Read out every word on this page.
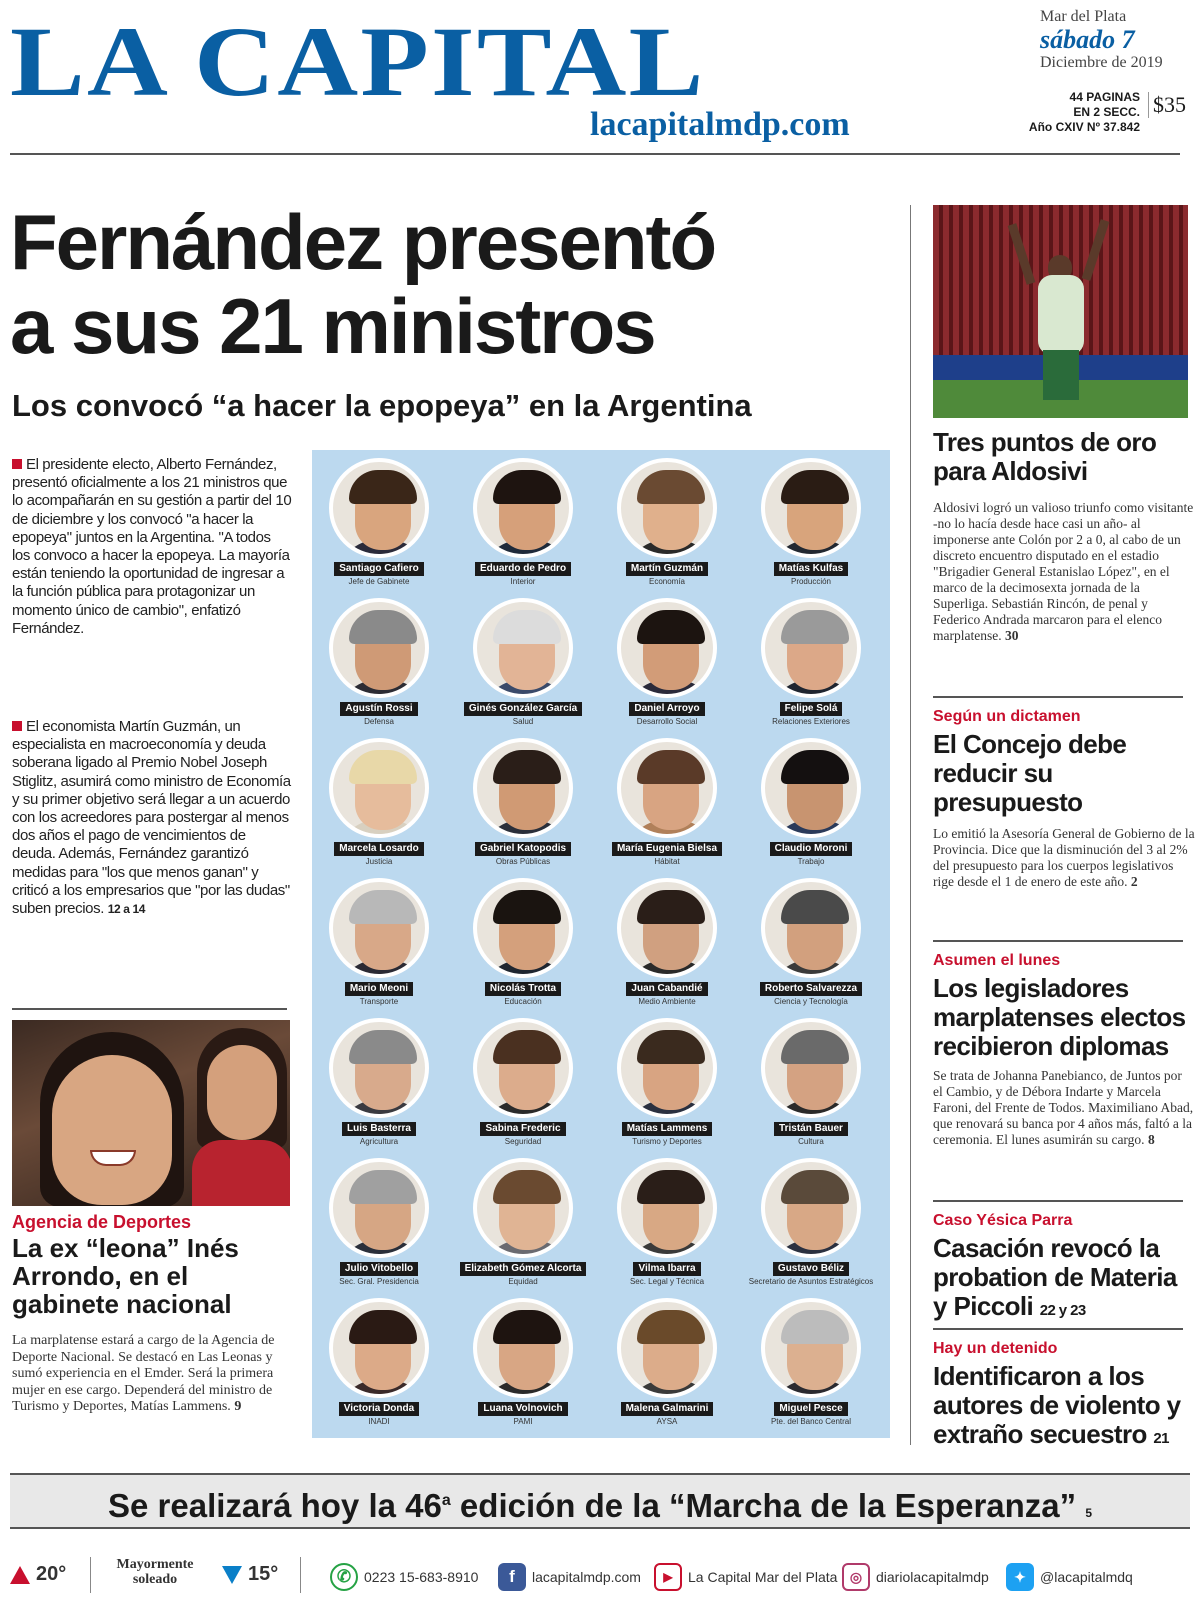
LA CAPITAL
lacapitalmdp.com
Mar del Plata
sábado 7
Diciembre de 2019
44 PAGINAS
EN 2 SECC.
Año CXIV Nº 37.842
$35
Fernández presentó
a sus 21 ministros
Los convocó “a hacer la epopeya” en la Argentina
El presidente electo, Alberto Fernández, presentó oficialmente a los 21 ministros que lo acompañarán en su gestión a partir del 10 de diciembre y los convocó "a hacer la epopeya" juntos en la Argentina. "A todos los convoco a hacer la epopeya. La mayoría están teniendo la oportunidad de ingresar a la función pública para protagonizar un momento único de cambio", enfatizó Fernández.
El economista Martín Guzmán, un especialista en macroeconomía y deuda soberana ligado al Premio Nobel Joseph Stiglitz, asumirá como ministro de Economía y su primer objetivo será llegar a un acuerdo con los acreedores para postergar al menos dos años el pago de vencimientos de deuda. Además, Fernández garantizó medidas para "los que menos ganan" y criticó a los empresarios que "por las dudas" suben precios. 12 a 14
Agencia de Deportes
La ex “leona” Inés Arrondo, en el gabinete nacional
La marplatense estará a cargo de la Agencia de Deporte Nacional. Se destacó en Las Leonas y sumó experiencia en el Emder. Será la primera mujer en ese cargo. Dependerá del ministro de Turismo y Deportes, Matías Lammens. 9
Santiago Cafiero
Jefe de Gabinete
Eduardo de Pedro
Interior
Martín Guzmán
Economía
Matías Kulfas
Producción
Agustín Rossi
Defensa
Ginés González García
Salud
Daniel Arroyo
Desarrollo Social
Felipe Solá
Relaciones Exteriores
Marcela Losardo
Justicia
Gabriel Katopodis
Obras Públicas
María Eugenia Bielsa
Hábitat
Claudio Moroni
Trabajo
Mario Meoni
Transporte
Nicolás Trotta
Educación
Juan Cabandié
Medio Ambiente
Roberto Salvarezza
Ciencia y Tecnología
Luis Basterra
Agricultura
Sabina Frederic
Seguridad
Matías Lammens
Turismo y Deportes
Tristán Bauer
Cultura
Julio Vitobello
Sec. Gral. Presidencia
Elizabeth Gómez Alcorta
Equidad
Vilma Ibarra
Sec. Legal y Técnica
Gustavo Béliz
Secretario de Asuntos Estratégicos
Victoria Donda
INADI
Luana Volnovich
PAMI
Malena Galmarini
AYSA
Miguel Pesce
Pte. del Banco Central
Tres puntos de oro para Aldosivi
Aldosivi logró un valioso triunfo como visitante -no lo hacía desde hace casi un año- al imponerse ante Colón por 2 a 0, al cabo de un discreto encuentro disputado en el estadio "Brigadier General Estanislao López", en el marco de la decimosexta jornada de la Superliga. Sebastián Rincón, de penal y Federico Andrada marcaron para el elenco marplatense. 30
Según un dictamen
El Concejo debe reducir su presupuesto
Lo emitió la Asesoría General de Gobierno de la Provincia. Dice que la disminución del 3 al 2% del presupuesto para los cuerpos legislativos rige desde el 1 de enero de este año. 2
Asumen el lunes
Los legisladores marplatenses electos recibieron diplomas
Se trata de Johanna Panebianco, de Juntos por el Cambio, y de Débora Indarte y Marcela Faroni, del Frente de Todos. Maximiliano Abad, que renovará su banca por 4 años más, faltó a la ceremonia. El lunes asumirán su cargo. 8
Caso Yésica Parra
Casación revocó la probation de Materia y Piccoli 22 y 23
Hay un detenido
Identificaron a los autores de violento y extraño secuestro 21
Se realizará hoy la 46$^a$ edición de la “Marcha de la Esperanza” 5
20°	Mayormente soleado	15°	✆ 0223 15-683-8910	f	lacapitalmdp.com	▶	La Capital Mar del Plata ◎ diariolacapitalmdp	✦	@lacapitalmdq
